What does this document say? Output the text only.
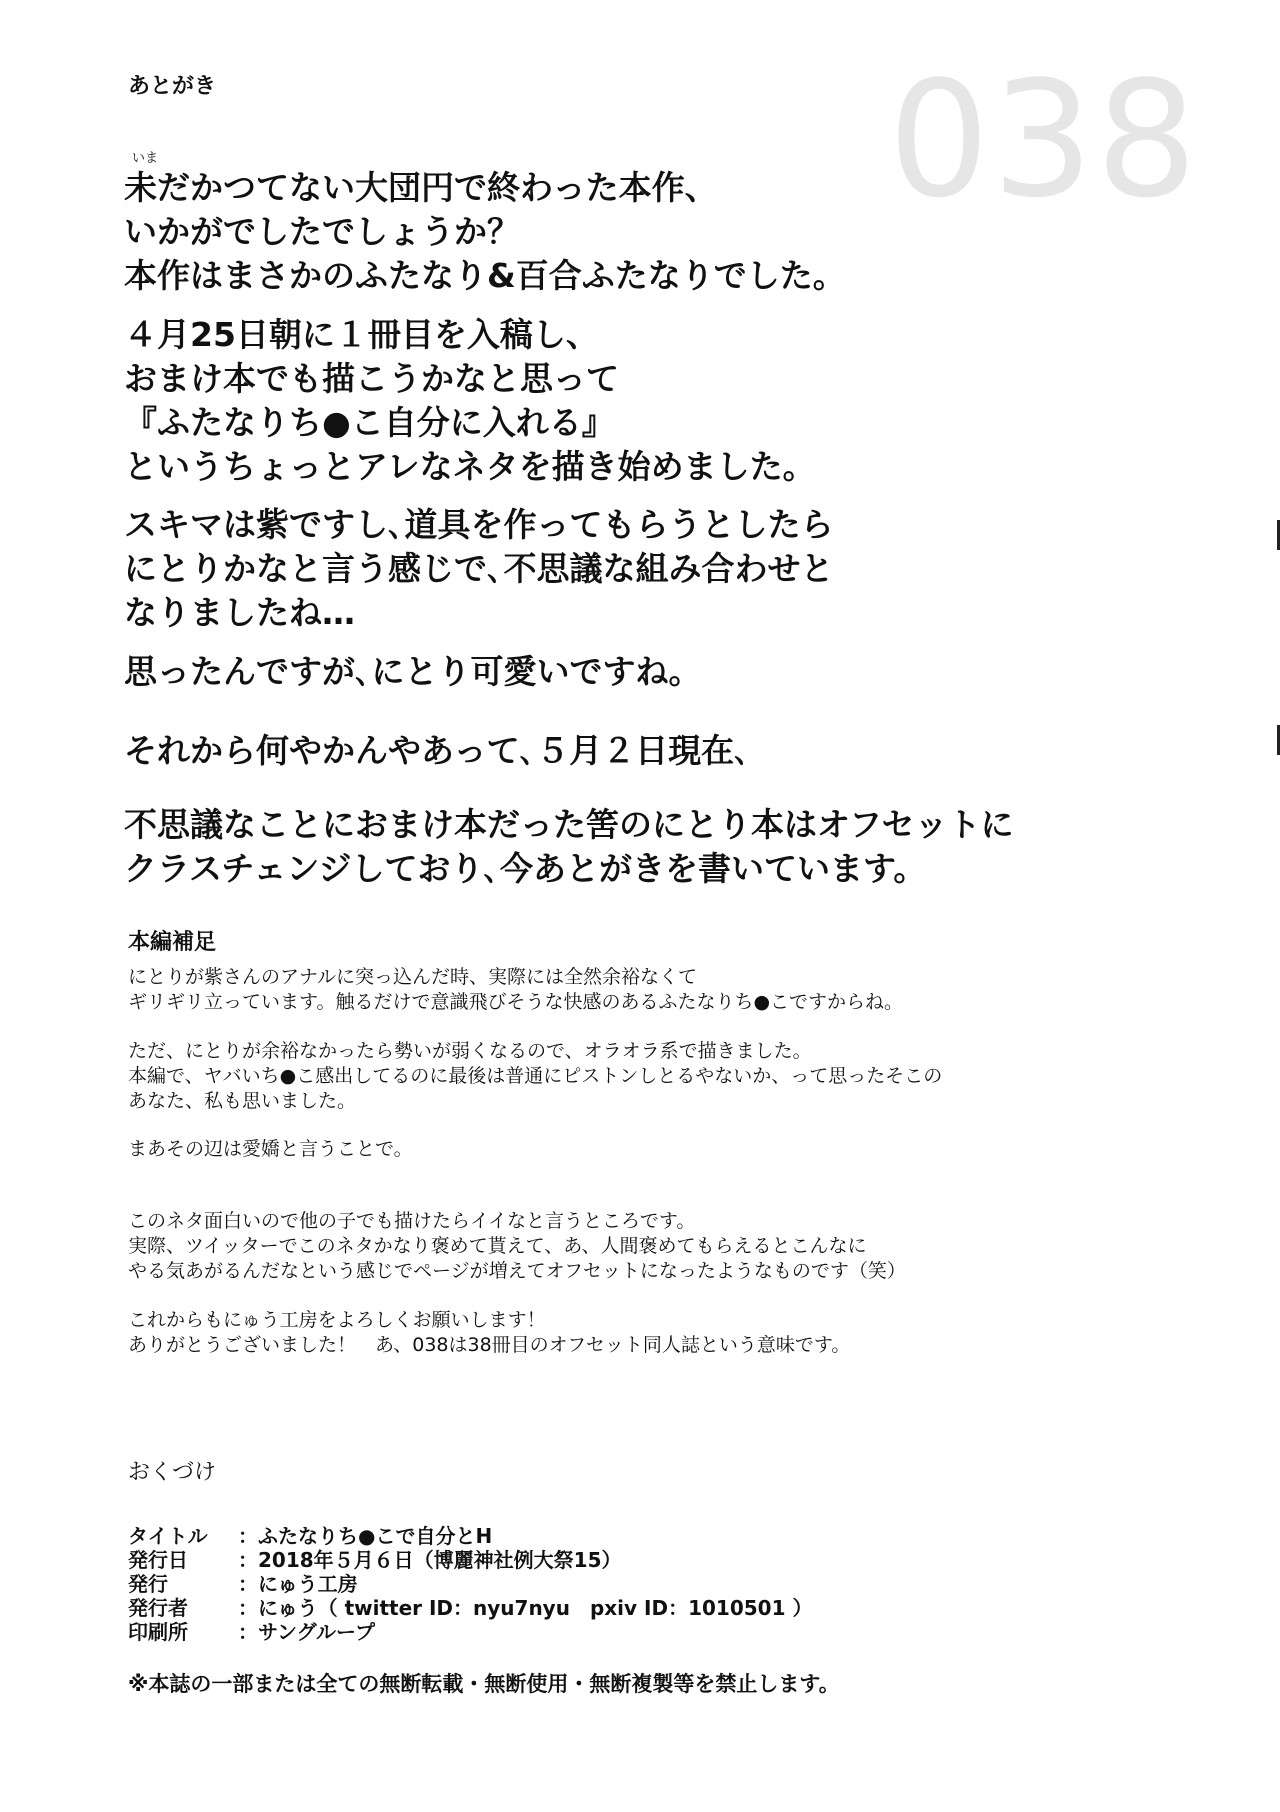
038
あとがき
いま
未だかつてない大団円で終わった本作、
いかがでしたでしょうか？
本作はまさかのふたなり&百合ふたなりでした。
４月25日朝に１冊目を入稿し、
おまけ本でも描こうかなと思って
『ふたなりち●こ自分に入れる』
というちょっとアレなネタを描き始めました。
スキマは紫ですし､道具を作ってもらうとしたら
にとりかなと言う感じで､不思議な組み合わせと
なりましたね…
思ったんですが､にとり可愛いですね。
それから何やかんやあって､５月２日現在､
不思議なことにおまけ本だった筈のにとり本はオフセットに
クラスチェンジしており､今あとがきを書いています。
本編補足
にとりが紫さんのアナルに突っ込んだ時、実際には全然余裕なくて
ギリギリ立っています。触るだけで意識飛びそうな快感のあるふたなりち●こですからね。
ただ、にとりが余裕なかったら勢いが弱くなるので、オラオラ系で描きました。
本編で、ヤバいち●こ感出してるのに最後は普通にピストンしとるやないか、って思ったそこの
あなた、私も思いました。
まあその辺は愛嬌と言うことで。
このネタ面白いので他の子でも描けたらイイなと言うところです。
実際、ツイッターでこのネタかなり褒めて貰えて、あ、人間褒めてもらえるとこんなに
やる気あがるんだなという感じでページが増えてオフセットになったようなものです（笑）
これからもにゅう工房をよろしくお願いします！
ありがとうございました！　あ、038は38冊目のオフセット同人誌という意味です。
おくづけ
タイトル	：ふたなりち●こで自分とH
発行日	：2018年５月６日（博麗神社例大祭15）
発行	：にゅう工房
発行者	：にゅう（ twitter ID：nyu7nyu　pxiv ID：1010501 ）
印刷所	：サングループ
※本誌の一部または全ての無断転載・無断使用・無断複製等を禁止します。
